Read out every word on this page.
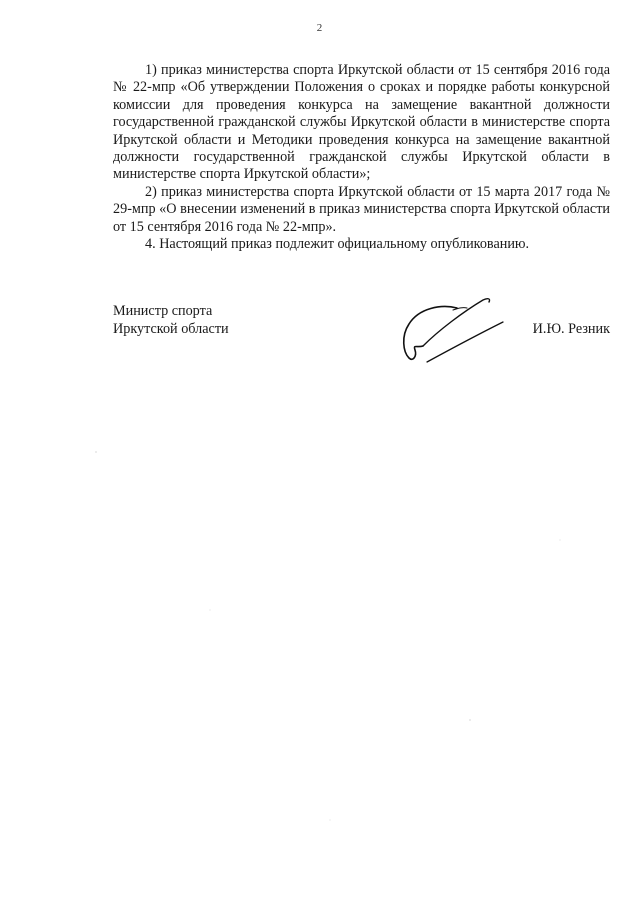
2

1) приказ министерства спорта Иркутской области от 15 сентября 2016 года № 22-мпр «Об утверждении Положения о сроках и порядке работы конкурсной комиссии для проведения конкурса на замещение вакантной должности государственной гражданской службы Иркутской области в министерстве спорта Иркутской области и Методики проведения конкурса на замещение вакантной должности государственной гражданской службы Иркутской области в министерстве спорта Иркутской области»;

2) приказ министерства спорта Иркутской области от 15 марта 2017 года № 29-мпр «О внесении изменений в приказ министерства спорта Иркутской области от 15 сентября 2016 года № 22-мпр».

4. Настоящий приказ подлежит официальному опубликованию.

Министр спорта
Иркутской области	И.Ю. Резник
